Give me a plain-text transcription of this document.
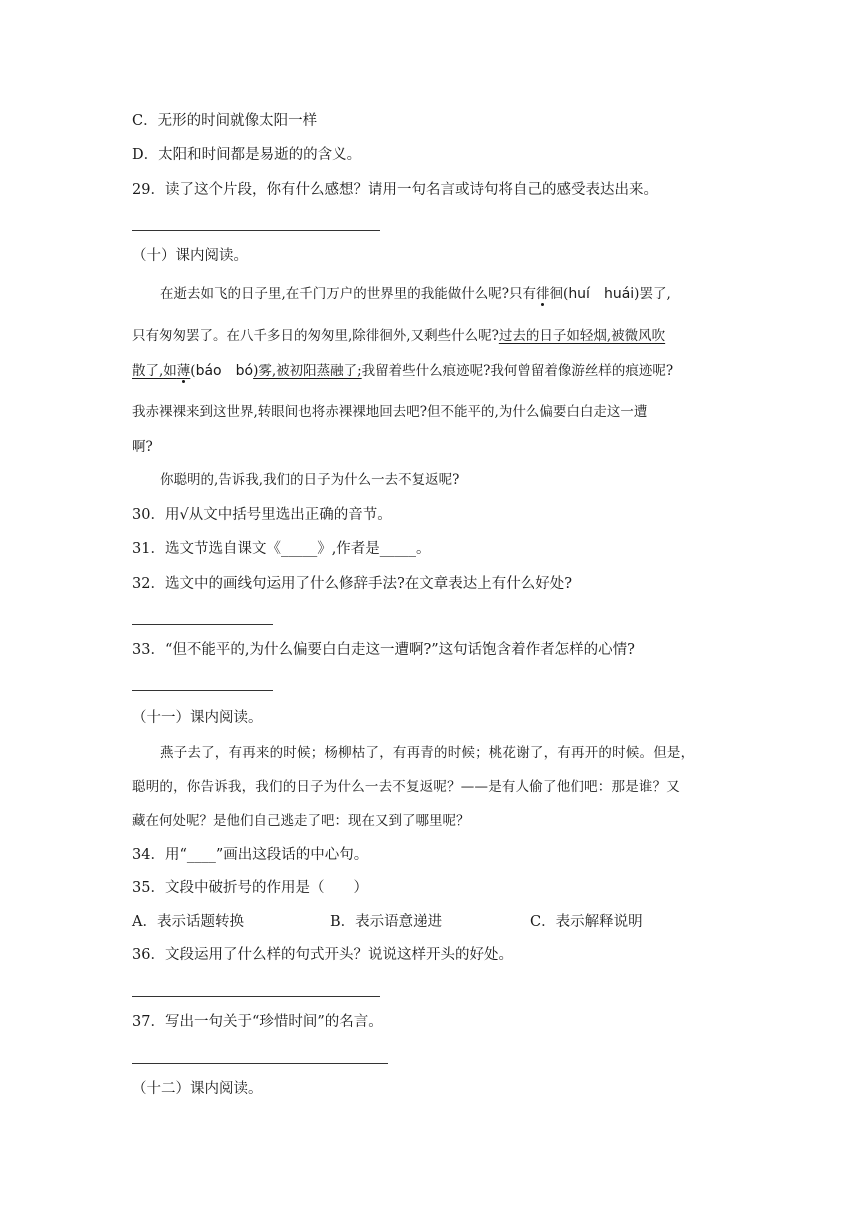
C．无形的时间就像太阳一样
D．太阳和时间都是易逝的的含义。
29．读了这个片段，你有什么感想？请用一句名言或诗句将自己的感受表达出来。
（十）课内阅读。
在逝去如飞的日子里,在千门万户的世界里的我能做什么呢?只有徘徊(huí　huái)罢了,
只有匆匆罢了。在八千多日的匆匆里,除徘徊外,又剩些什么呢?过去的日子如轻烟,被微风吹
散了,如薄(báo　bó)雾,被初阳蒸融了;我留着些什么痕迹呢?我何曾留着像游丝样的痕迹呢?
我赤裸裸来到这世界,转眼间也将赤裸裸地回去吧?但不能平的,为什么偏要白白走这一遭
啊?
你聪明的,告诉我,我们的日子为什么一去不复返呢?
30．用√从文中括号里选出正确的音节。
31．选文节选自课文《_____》,作者是_____。
32．选文中的画线句运用了什么修辞手法?在文章表达上有什么好处?
33．“但不能平的,为什么偏要白白走这一遭啊?”这句话饱含着作者怎样的心情?
（十一）课内阅读。
燕子去了，有再来的时候；杨柳枯了，有再青的时候；桃花谢了，有再开的时候。但是，
聪明的，你告诉我，我们的日子为什么一去不复返呢？——是有人偷了他们吧：那是谁？又
藏在何处呢？是他们自己逃走了吧：现在又到了哪里呢？
34．用“____”画出这段话的中心句。
35．文段中破折号的作用是（　　）
A．表示话题转换	B．表示语意递进	C．表示解释说明
36．文段运用了什么样的句式开头？说说这样开头的好处。
37．写出一句关于“珍惜时间”的名言。
（十二）课内阅读。
